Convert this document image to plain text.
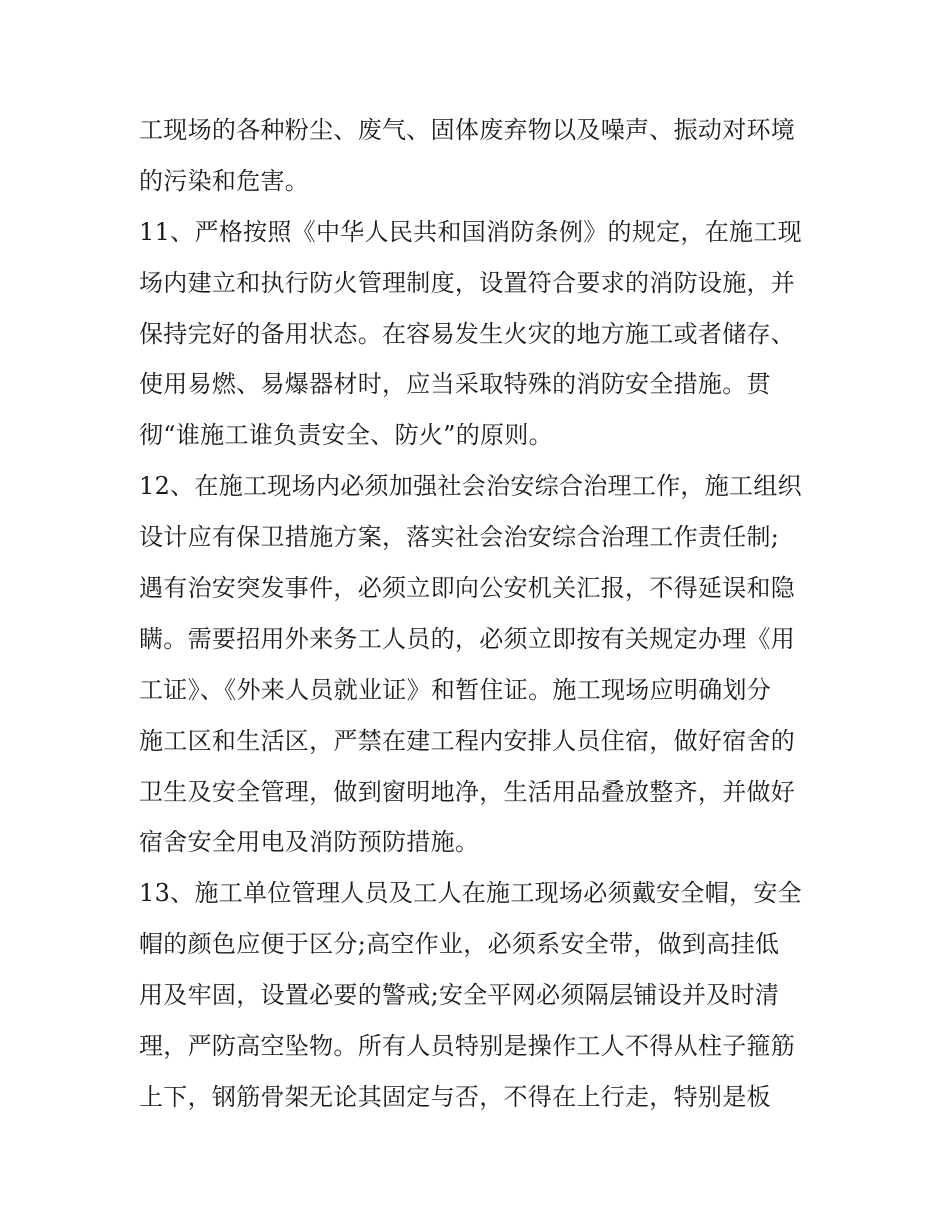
工现场的各种粉尘、废气、固体废弃物以及噪声、振动对环境
的污染和危害。
11、严格按照《中华人民共和国消防条例》的规定，在施工现
场内建立和执行防火管理制度，设置符合要求的消防设施，并
保持完好的备用状态。在容易发生火灾的地方施工或者储存、
使用易燃、易爆器材时，应当采取特殊的消防安全措施。贯
彻“谁施工谁负责安全、防火”的原则。
12、在施工现场内必须加强社会治安综合治理工作，施工组织
设计应有保卫措施方案，落实社会治安综合治理工作责任制;
遇有治安突发事件，必须立即向公安机关汇报，不得延误和隐
瞒。需要招用外来务工人员的，必须立即按有关规定办理《用
工证》、《外来人员就业证》和暂住证。施工现场应明确划分
施工区和生活区，严禁在建工程内安排人员住宿，做好宿舍的
卫生及安全管理，做到窗明地净，生活用品叠放整齐，并做好
宿舍安全用电及消防预防措施。
13、施工单位管理人员及工人在施工现场必须戴安全帽，安全
帽的颜色应便于区分;高空作业，必须系安全带，做到高挂低
用及牢固，设置必要的警戒;安全平网必须隔层铺设并及时清
理，严防高空坠物。所有人员特别是操作工人不得从柱子箍筋
上下，钢筋骨架无论其固定与否，不得在上行走，特别是板
